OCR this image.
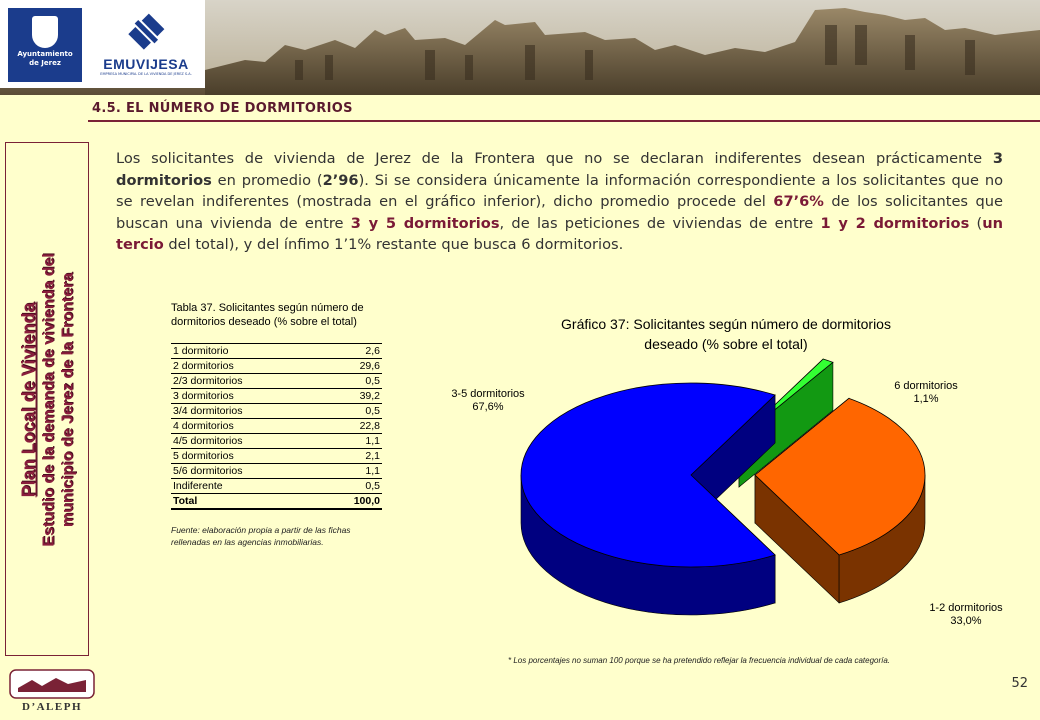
Ayuntamiento
de Jerez	EMUVIJESA
EMPRESA MUNICIPAL DE LA VIVIENDA DE JEREZ S.A.
4.5. EL NÚMERO DE DORMITORIOS
Plan Local de Vivienda Estudio de la demanda de vivienda del municipio de Jerez de la Frontera
Los solicitantes de vivienda de Jerez de la Frontera que no se declaran indiferentes desean prácticamente 3 dormitorios en promedio (2’96). Si se considera únicamente la información correspondiente a los solicitantes que no se revelan indiferentes (mostrada en el gráfico inferior), dicho promedio procede del 67’6% de los solicitantes que buscan una vivienda de entre 3 y 5 dormitorios, de las peticiones de viviendas de entre 1 y 2 dormitorios (un tercio del total), y del ínfimo 1’1% restante que busca 6 dormitorios.
Tabla 37. Solicitantes según número de dormitorios deseado (% sobre el total)
1 dormitorio	2,6
2 dormitorios	29,6
2/3 dormitorios	0,5
3 dormitorios	39,2
3/4 dormitorios	0,5
4 dormitorios	22,8
4/5 dormitorios	1,1
5 dormitorios	2,1
5/6 dormitorios	1,1
Indiferente	0,5
Total	100,0
Fuente: elaboración propia a partir de las fichas rellenadas en las agencias inmobiliarias.
Gráfico 37: Solicitantes según número de dormitorios
deseado (% sobre el total)
3-5 dormitorios
67,6%
6 dormitorios
1,1%
1-2 dormitorios
33,0%
* Los porcentajes no suman 100 porque se ha pretendido reflejar la frecuencia individual de cada categoría.
D’ALEPH
52
